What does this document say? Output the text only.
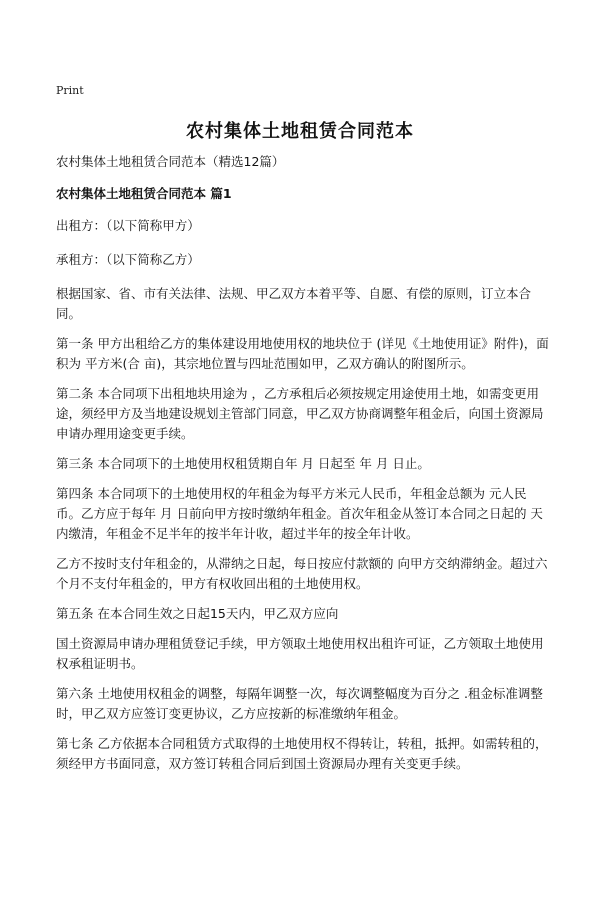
Print
农村集体土地租赁合同范本

农村集体土地租赁合同范本（精选12篇）

农村集体土地租赁合同范本 篇1

出租方：（以下简称甲方）

承租方：（以下简称乙方）

根据国家、省、市有关法律、法规、甲乙双方本着平等、自愿、有偿的原则，订立本合同。

第一条 甲方出租给乙方的集体建设用地使用权的地块位于 (详见《土地使用证》附件)，面积为 平方米(合 亩)，其宗地位置与四址范围如甲，乙双方确认的附图所示。

第二条 本合同项下出租地块用途为 ，乙方承租后必须按规定用途使用土地，如需变更用途，须经甲方及当地建设规划主管部门同意，甲乙双方协商调整年租金后，向国土资源局申请办理用途变更手续。

第三条 本合同项下的土地使用权租赁期自年 月 日起至 年 月 日止。

第四条 本合同项下的土地使用权的年租金为每平方米元人民币，年租金总额为 元人民币。乙方应于每年 月 日前向甲方按时缴纳年租金。首次年租金从签订本合同之日起的 天内缴清，年租金不足半年的按半年计收，超过半年的按全年计收。

乙方不按时支付年租金的，从滞纳之日起，每日按应付款额的 向甲方交纳滞纳金。超过六个月不支付年租金的，甲方有权收回出租的土地使用权。

第五条 在本合同生效之日起15天内，甲乙双方应向

国土资源局申请办理租赁登记手续，甲方领取土地使用权出租许可证，乙方领取土地使用权承租证明书。

第六条 土地使用权租金的调整，每隔年调整一次，每次调整幅度为百分之 .租金标准调整时，甲乙双方应签订变更协议，乙方应按新的标准缴纳年租金。

第七条 乙方依据本合同租赁方式取得的土地使用权不得转让，转租，抵押。如需转租的，须经甲方书面同意，双方签订转租合同后到国土资源局办理有关变更手续。
